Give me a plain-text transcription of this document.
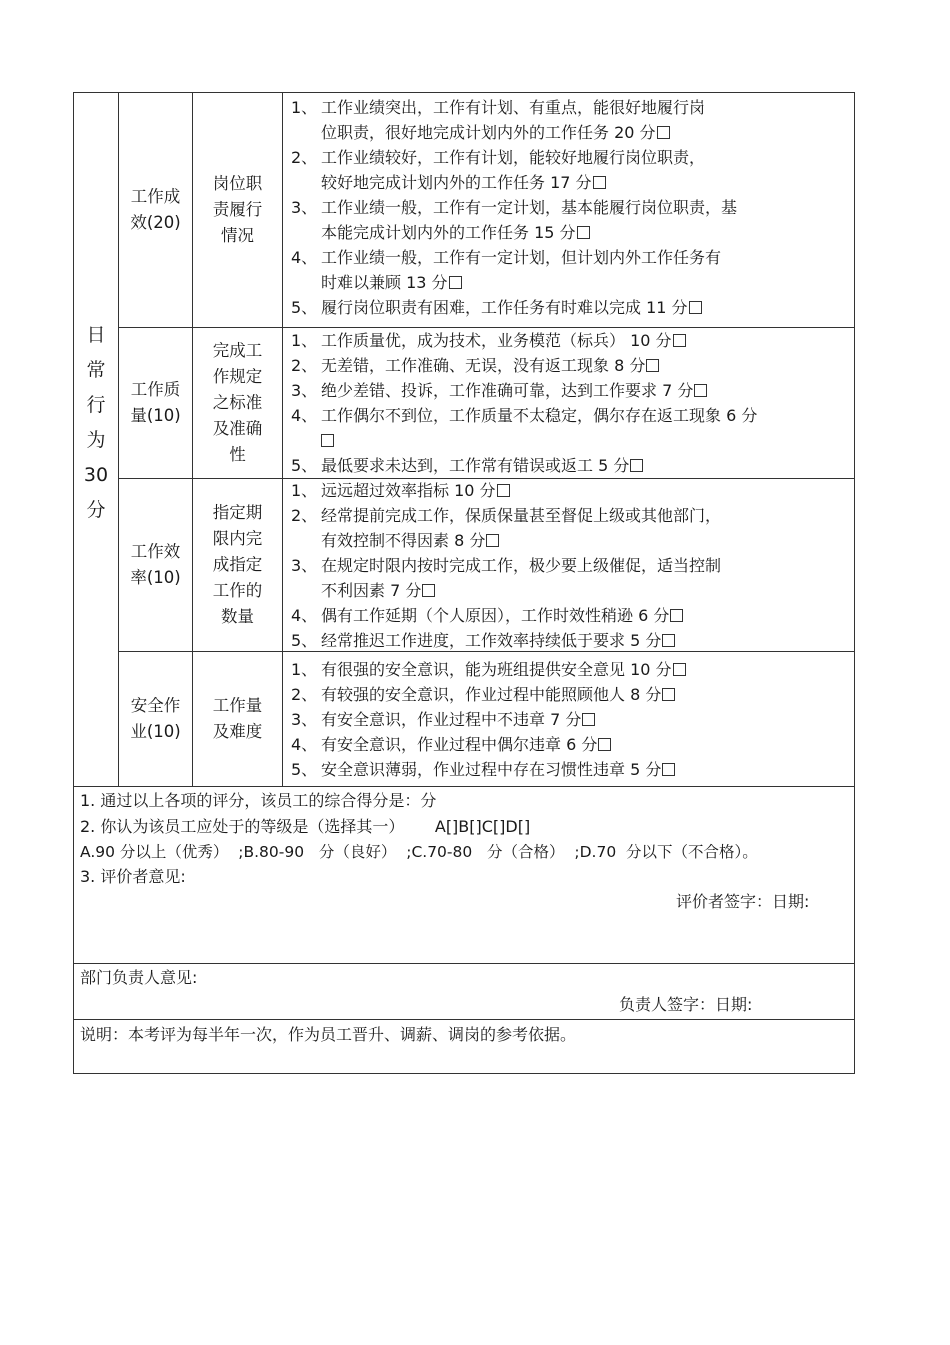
日
常
行
为
30
分
工作成
效(20)
岗位职
责履行
情况
1、 工作业绩突出，工作有计划、有重点，能很好地履行岗
位职责，很好地完成计划内外的工作任务 20 分
2、 工作业绩较好，工作有计划，能较好地履行岗位职责，
较好地完成计划内外的工作任务 17 分
3、 工作业绩一般，工作有一定计划，基本能履行岗位职责，基
本能完成计划内外的工作任务 15 分
4、 工作业绩一般，工作有一定计划，但计划内外工作任务有
时难以兼顾 13 分
5、 履行岗位职责有困难，工作任务有时难以完成 11 分
工作质
量(10)
完成工
作规定
之标准
及准确
性
1、 工作质量优，成为技术，业务模范（标兵） 10 分
2、 无差错，工作准确、无误，没有返工现象 8 分
3、 绝少差错、投诉，工作准确可靠，达到工作要求 7 分
4、 工作偶尔不到位，工作质量不太稳定，偶尔存在返工现象 6 分
5、 最低要求未达到，工作常有错误或返工 5 分
工作效
率(10)
指定期
限内完
成指定
工作的
数量
1、 远远超过效率指标 10 分
2、 经常提前完成工作，保质保量甚至督促上级或其他部门，
有效控制不得因素 8 分
3、 在规定时限内按时完成工作，极少要上级催促，适当控制
不利因素 7 分
4、 偶有工作延期（个人原因），工作时效性稍逊 6 分
5、 经常推迟工作进度，工作效率持续低于要求 5 分
安全作
业(10)
工作量
及难度
1、 有很强的安全意识，能为班组提供安全意见 10 分
2、 有较强的安全意识，作业过程中能照顾他人 8 分
3、 有安全意识，作业过程中不违章 7 分
4、 有安全意识，作业过程中偶尔违章 6 分
5、 安全意识薄弱，作业过程中存在习惯性违章 5 分
1. 通过以上各项的评分，该员工的综合得分是：分
2. 你认为该员工应处于的等级是（选择其一）      A[]B[]C[]D[]
A.90 分以上（优秀）  ;B.80-90   分（良好）  ;C.70-80   分（合格）  ;D.70  分以下（不合格）。
3. 评价者意见:
评价者签字：日期:
部门负责人意见:
负责人签字：日期:
说明：本考评为每半年一次，作为员工晋升、调薪、调岗的参考依据。
